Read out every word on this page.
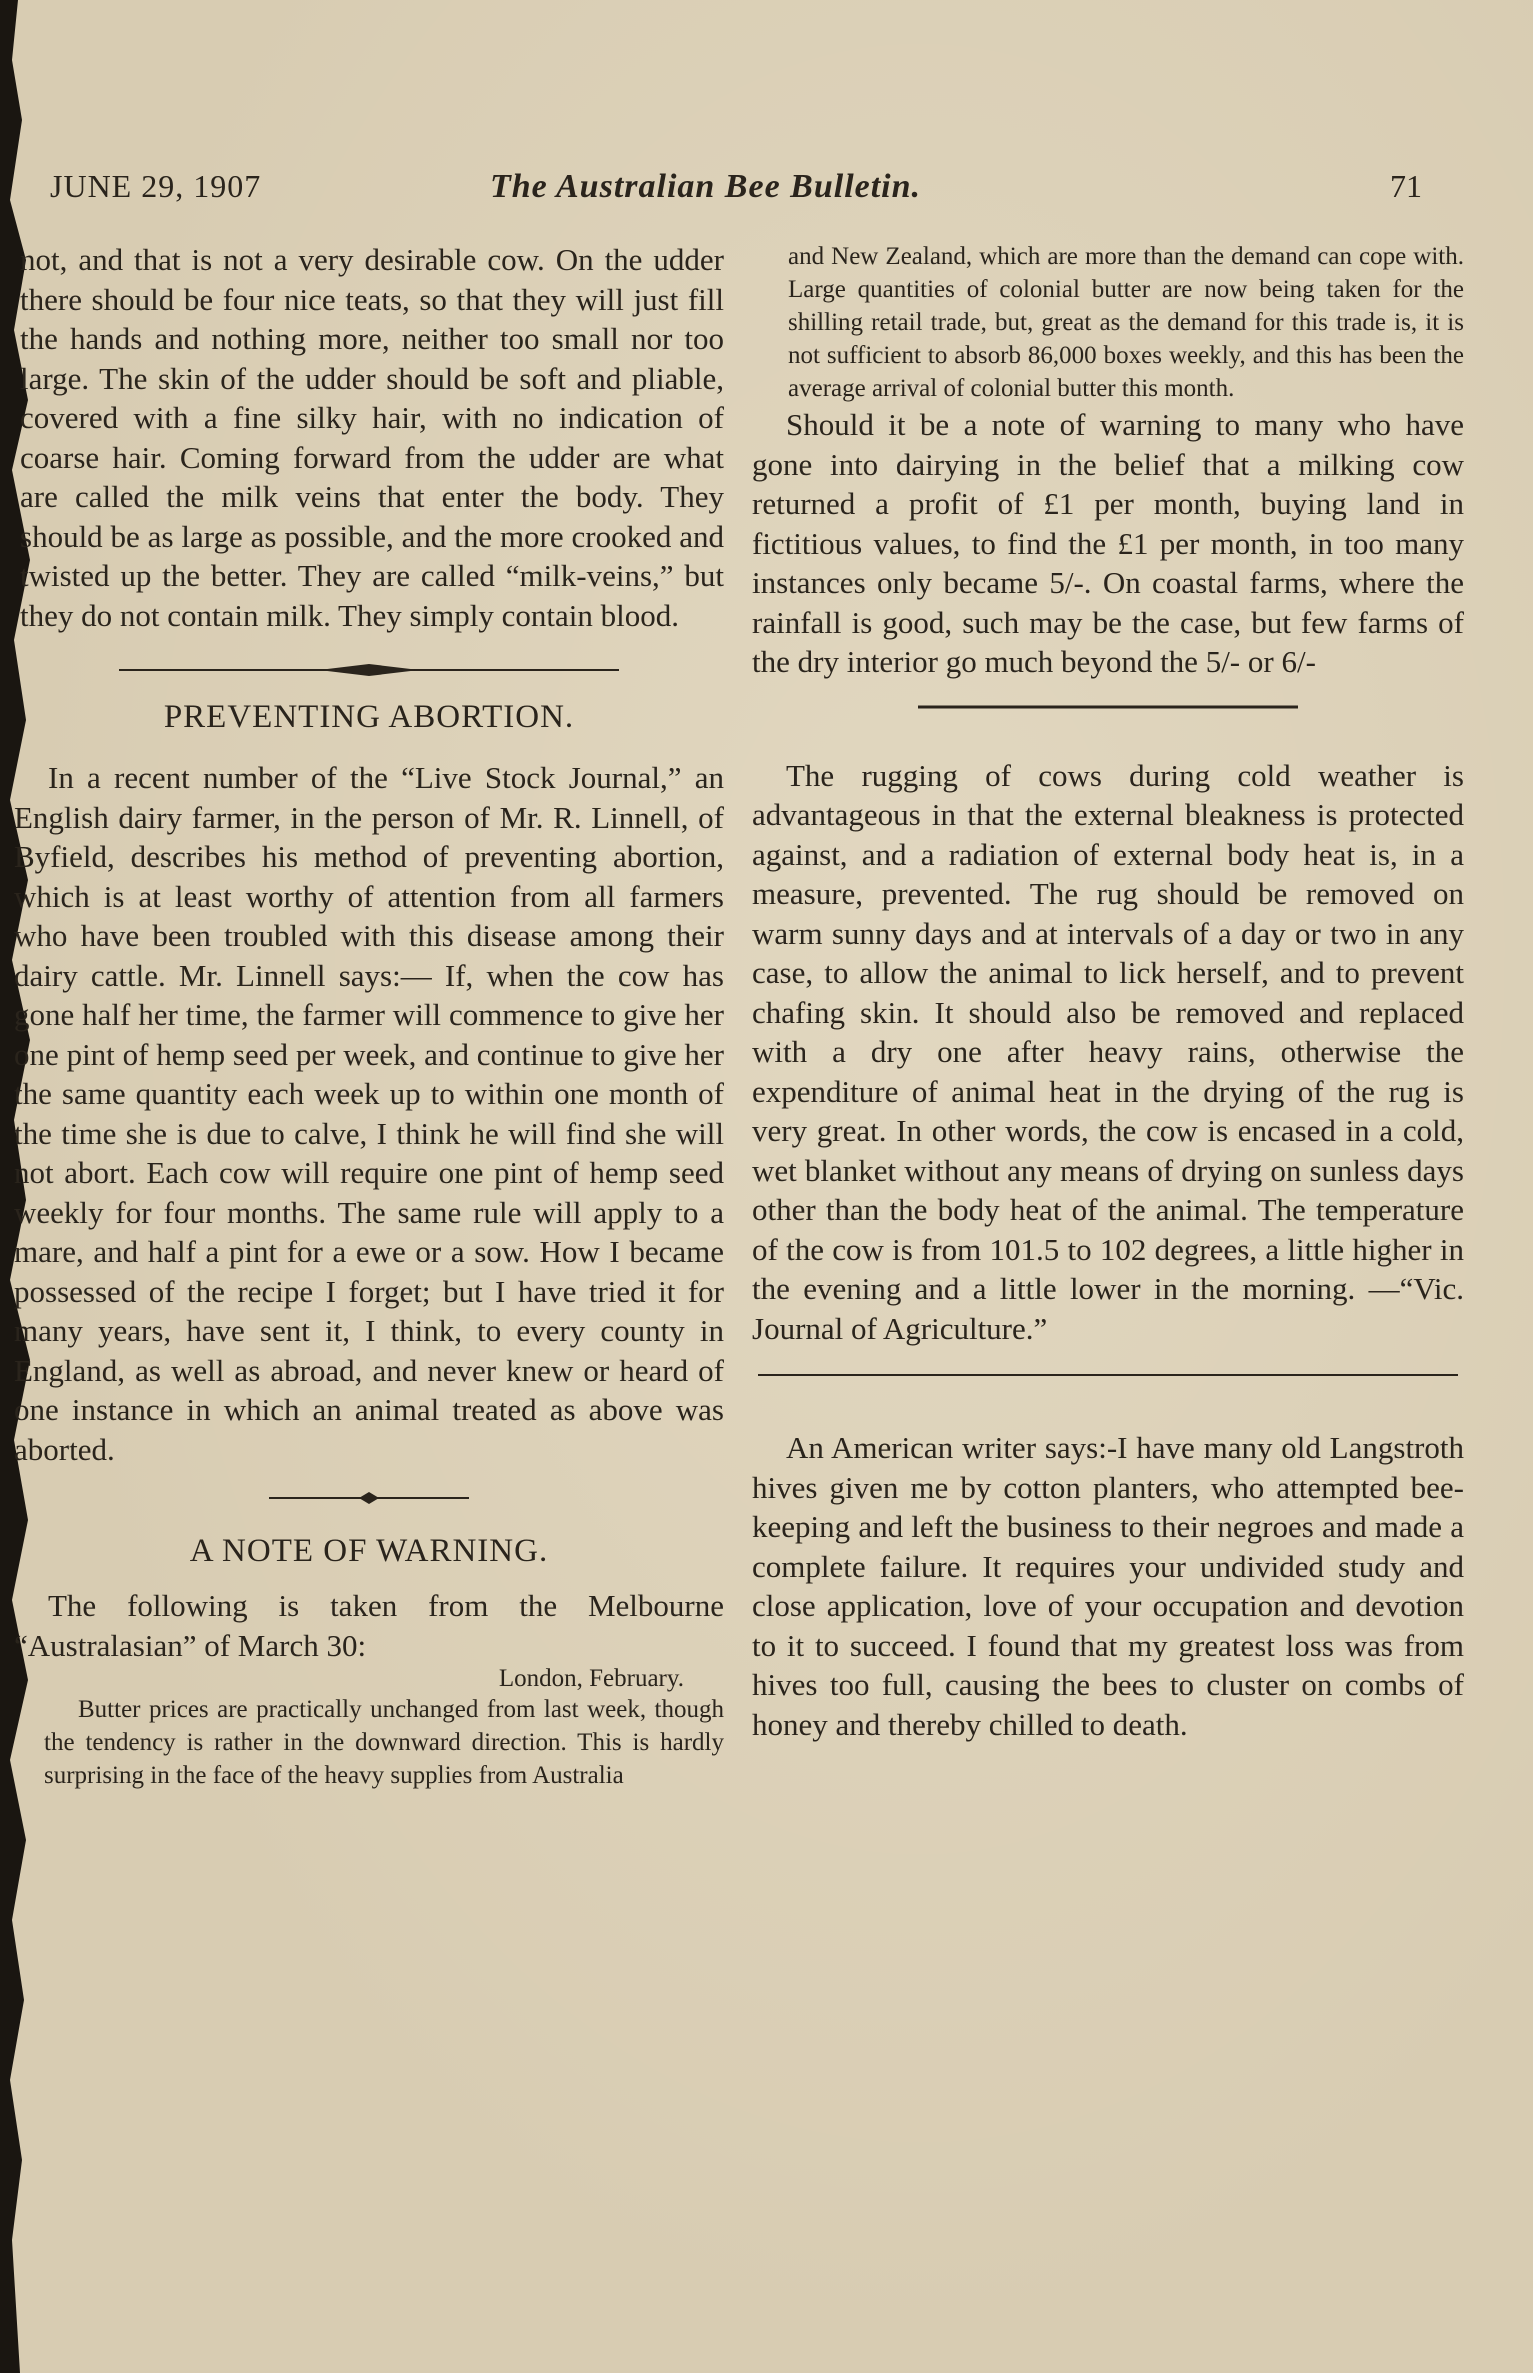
JUNE 29, 1907	The Australian Bee Bulletin.	71

not, and that is not a very desirable cow. On the udder there should be four nice teats, so that they will just fill the hands and nothing more, neither too small nor too large. The skin of the udder should be soft and pliable, covered with a fine silky hair, with no indication of coarse hair. Coming forward from the udder are what are called the milk veins that enter the body. They should be as large as possible, and the more crooked and twisted up the better. They are called “milk-veins,” but they do not contain milk. They simply contain blood.

PREVENTING ABORTION.

In a recent number of the “Live Stock Journal,” an English dairy farmer, in the person of Mr. R. Linnell, of Byfield, describes his method of preventing abortion, which is at least worthy of attention from all farmers who have been troubled with this disease among their dairy cattle. Mr. Linnell says:— If, when the cow has gone half her time, the farmer will commence to give her one pint of hemp seed per week, and continue to give her the same quantity each week up to within one month of the time she is due to calve, I think he will find she will not abort. Each cow will require one pint of hemp seed weekly for four months. The same rule will apply to a mare, and half a pint for a ewe or a sow. How I became possessed of the recipe I forget; but I have tried it for many years, have sent it, I think, to every county in England, as well as abroad, and never knew or heard of one instance in which an animal treated as above was aborted.

A NOTE OF WARNING.

The following is taken from the Melbourne “Australasian” of March 30:

London, February.

Butter prices are practically unchanged from last week, though the tendency is rather in the downward direction. This is hardly surprising in the face of the heavy supplies from Australia

and New Zealand, which are more than the demand can cope with. Large quantities of colonial butter are now being taken for the shilling retail trade, but, great as the demand for this trade is, it is not sufficient to absorb 86,000 boxes weekly, and this has been the average arrival of colonial butter this month.

Should it be a note of warning to many who have gone into dairying in the belief that a milking cow returned a profit of £1 per month, buying land in fictitious values, to find the £1 per month, in too many instances only became 5/-. On coastal farms, where the rainfall is good, such may be the case, but few farms of the dry interior go much beyond the 5/- or 6/-

The rugging of cows during cold weather is advantageous in that the external bleakness is protected against, and a radiation of external body heat is, in a measure, prevented. The rug should be removed on warm sunny days and at intervals of a day or two in any case, to allow the animal to lick herself, and to prevent chafing skin. It should also be removed and replaced with a dry one after heavy rains, otherwise the expenditure of animal heat in the drying of the rug is very great. In other words, the cow is encased in a cold, wet blanket without any means of drying on sunless days other than the body heat of the animal. The temperature of the cow is from 101.5 to 102 degrees, a little higher in the evening and a little lower in the morning. —“Vic. Journal of Agriculture.”

An American writer says:-I have many old Langstroth hives given me by cotton planters, who attempted bee-keeping and left the business to their negroes and made a complete failure. It requires your undivided study and close application, love of your occupation and devotion to it to succeed. I found that my greatest loss was from hives too full, causing the bees to cluster on combs of honey and thereby chilled to death.
